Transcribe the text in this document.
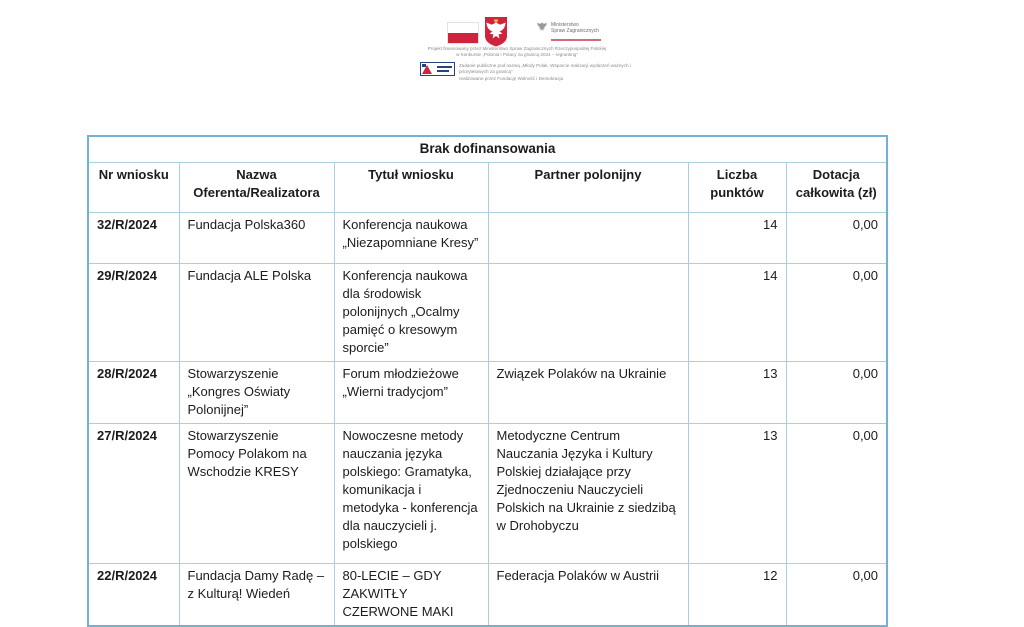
Ministerstwo
Spraw Zagranicznych
Projekt finansowany przez Ministerstwo Spraw Zagranicznych Rzeczypospolitej Polskiej
w Konkursie „Polonia i Polacy za granicą 2024 – regranting”
Zadanie publiczne pod nazwą „Młody Polak. Wsparcie realizacji wydarzeń ważnych i priorytetowych za granicą”
realizowane przez Fundację Wolność i Demokracja
Brak dofinansowania					
Nr wniosku	Nazwa Oferenta/Realizatora	Tytuł wniosku	Partner polonijny	Liczba punktów	Dotacja całkowita (zł)
32/R/2024	Fundacja Polska360	Konferencja naukowa „Niezapomniane Kresy”		14	0,00
29/R/2024	Fundacja ALE Polska	Konferencja naukowa dla środowisk polonijnych „Ocalmy pamięć o kresowym sporcie”		14	0,00
28/R/2024	Stowarzyszenie „Kongres Oświaty Polonijnej”	Forum młodzieżowe „Wierni tradycjom”	Związek Polaków na Ukrainie	13	0,00
27/R/2024	Stowarzyszenie Pomocy Polakom na Wschodzie KRESY	Nowoczesne metody nauczania języka polskiego: Gramatyka, komunikacja i metodyka - konferencja dla nauczycieli j. polskiego	Metodyczne Centrum Nauczania Języka i Kultury Polskiej działające przy Zjednoczeniu Nauczycieli Polskich na Ukrainie z siedzibą w Drohobyczu	13	0,00
22/R/2024	Fundacja Damy Radę – z Kulturą! Wiedeń	80-LECIE – GDY ZAKWITŁY CZERWONE MAKI	Federacja Polaków w Austrii	12	0,00
